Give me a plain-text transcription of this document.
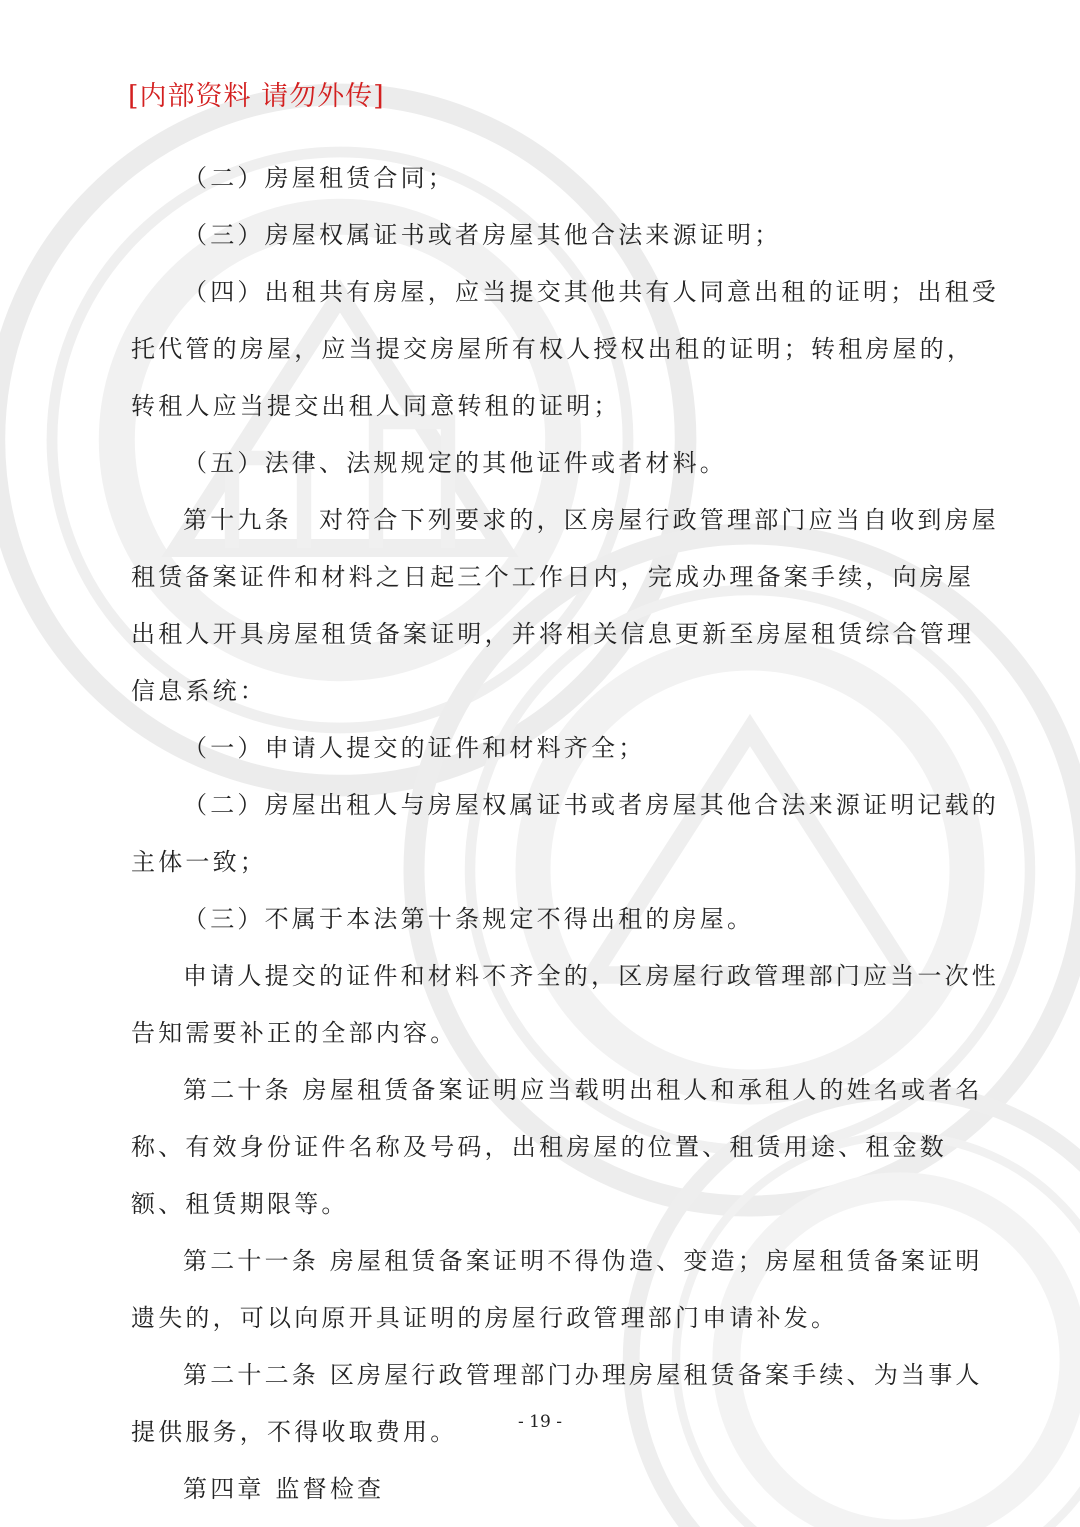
[内部资料 请勿外传]

（二）房屋租赁合同；

（三）房屋权属证书或者房屋其他合法来源证明；

（四）出租共有房屋，应当提交其他共有人同意出租的证明；出租受托代管的房屋，应当提交房屋所有权人授权出租的证明；转租房屋的，转租人应当提交出租人同意转租的证明；

（五）法律、法规规定的其他证件或者材料。

第十九条　对符合下列要求的，区房屋行政管理部门应当自收到房屋租赁备案证件和材料之日起三个工作日内，完成办理备案手续，向房屋出租人开具房屋租赁备案证明，并将相关信息更新至房屋租赁综合管理信息系统：

（一）申请人提交的证件和材料齐全；

（二）房屋出租人与房屋权属证书或者房屋其他合法来源证明记载的主体一致；

（三）不属于本法第十条规定不得出租的房屋。

申请人提交的证件和材料不齐全的，区房屋行政管理部门应当一次性告知需要补正的全部内容。

第二十条 房屋租赁备案证明应当载明出租人和承租人的姓名或者名称、有效身份证件名称及号码，出租房屋的位置、租赁用途、租金数额、租赁期限等。

第二十一条 房屋租赁备案证明不得伪造、变造；房屋租赁备案证明遗失的，可以向原开具证明的房屋行政管理部门申请补发。

第二十二条 区房屋行政管理部门办理房屋租赁备案手续、为当事人提供服务，不得收取费用。

第四章 监督检查

- 19 -
